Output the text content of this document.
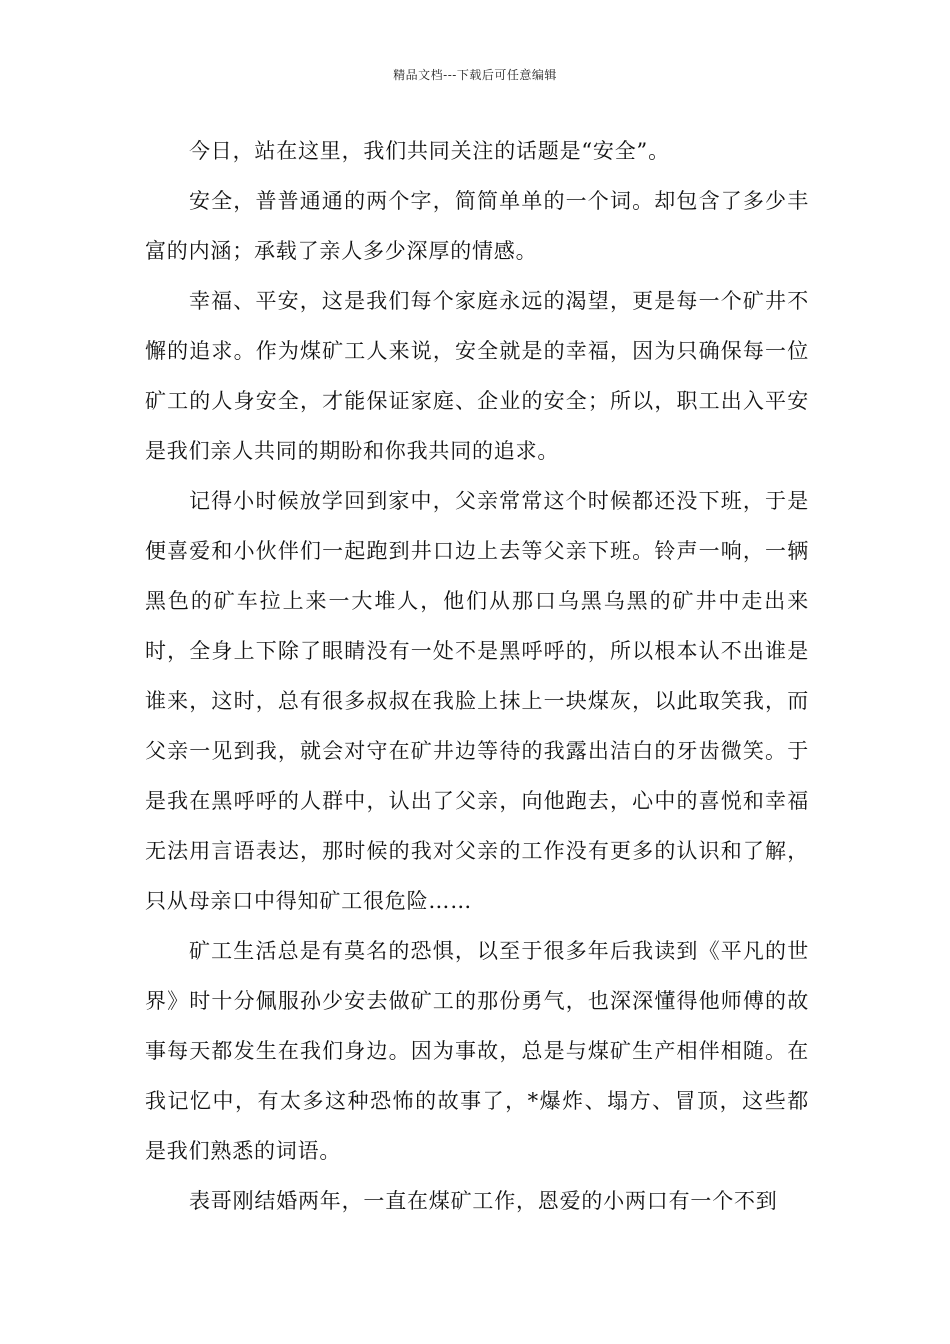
精品文档---下载后可任意编辑

今日，站在这里，我们共同关注的话题是“安全”。

安全，普普通通的两个字，简简单单的一个词。却包含了多少丰富的内涵；承载了亲人多少深厚的情感。

幸福、平安，这是我们每个家庭永远的渴望，更是每一个矿井不懈的追求。作为煤矿工人来说，安全就是的幸福，因为只确保每一位矿工的人身安全，才能保证家庭、企业的安全；所以，职工出入平安是我们亲人共同的期盼和你我共同的追求。

记得小时候放学回到家中，父亲常常这个时候都还没下班，于是便喜爱和小伙伴们一起跑到井口边上去等父亲下班。铃声一响，一辆黑色的矿车拉上来一大堆人，他们从那口乌黑乌黑的矿井中走出来时，全身上下除了眼睛没有一处不是黑呼呼的，所以根本认不出谁是谁来，这时，总有很多叔叔在我脸上抹上一块煤灰，以此取笑我，而父亲一见到我，就会对守在矿井边等待的我露出洁白的牙齿微笑。于是我在黑呼呼的人群中，认出了父亲，向他跑去，心中的喜悦和幸福无法用言语表达，那时候的我对父亲的工作没有更多的认识和了解，只从母亲口中得知矿工很危险……

矿工生活总是有莫名的恐惧，以至于很多年后我读到《平凡的世界》时十分佩服孙少安去做矿工的那份勇气，也深深懂得他师傅的故事每天都发生在我们身边。因为事故，总是与煤矿生产相伴相随。在我记忆中，有太多这种恐怖的故事了，*爆炸、塌方、冒顶，这些都是我们熟悉的词语。

表哥刚结婚两年，一直在煤矿工作，恩爱的小两口有一个不到
